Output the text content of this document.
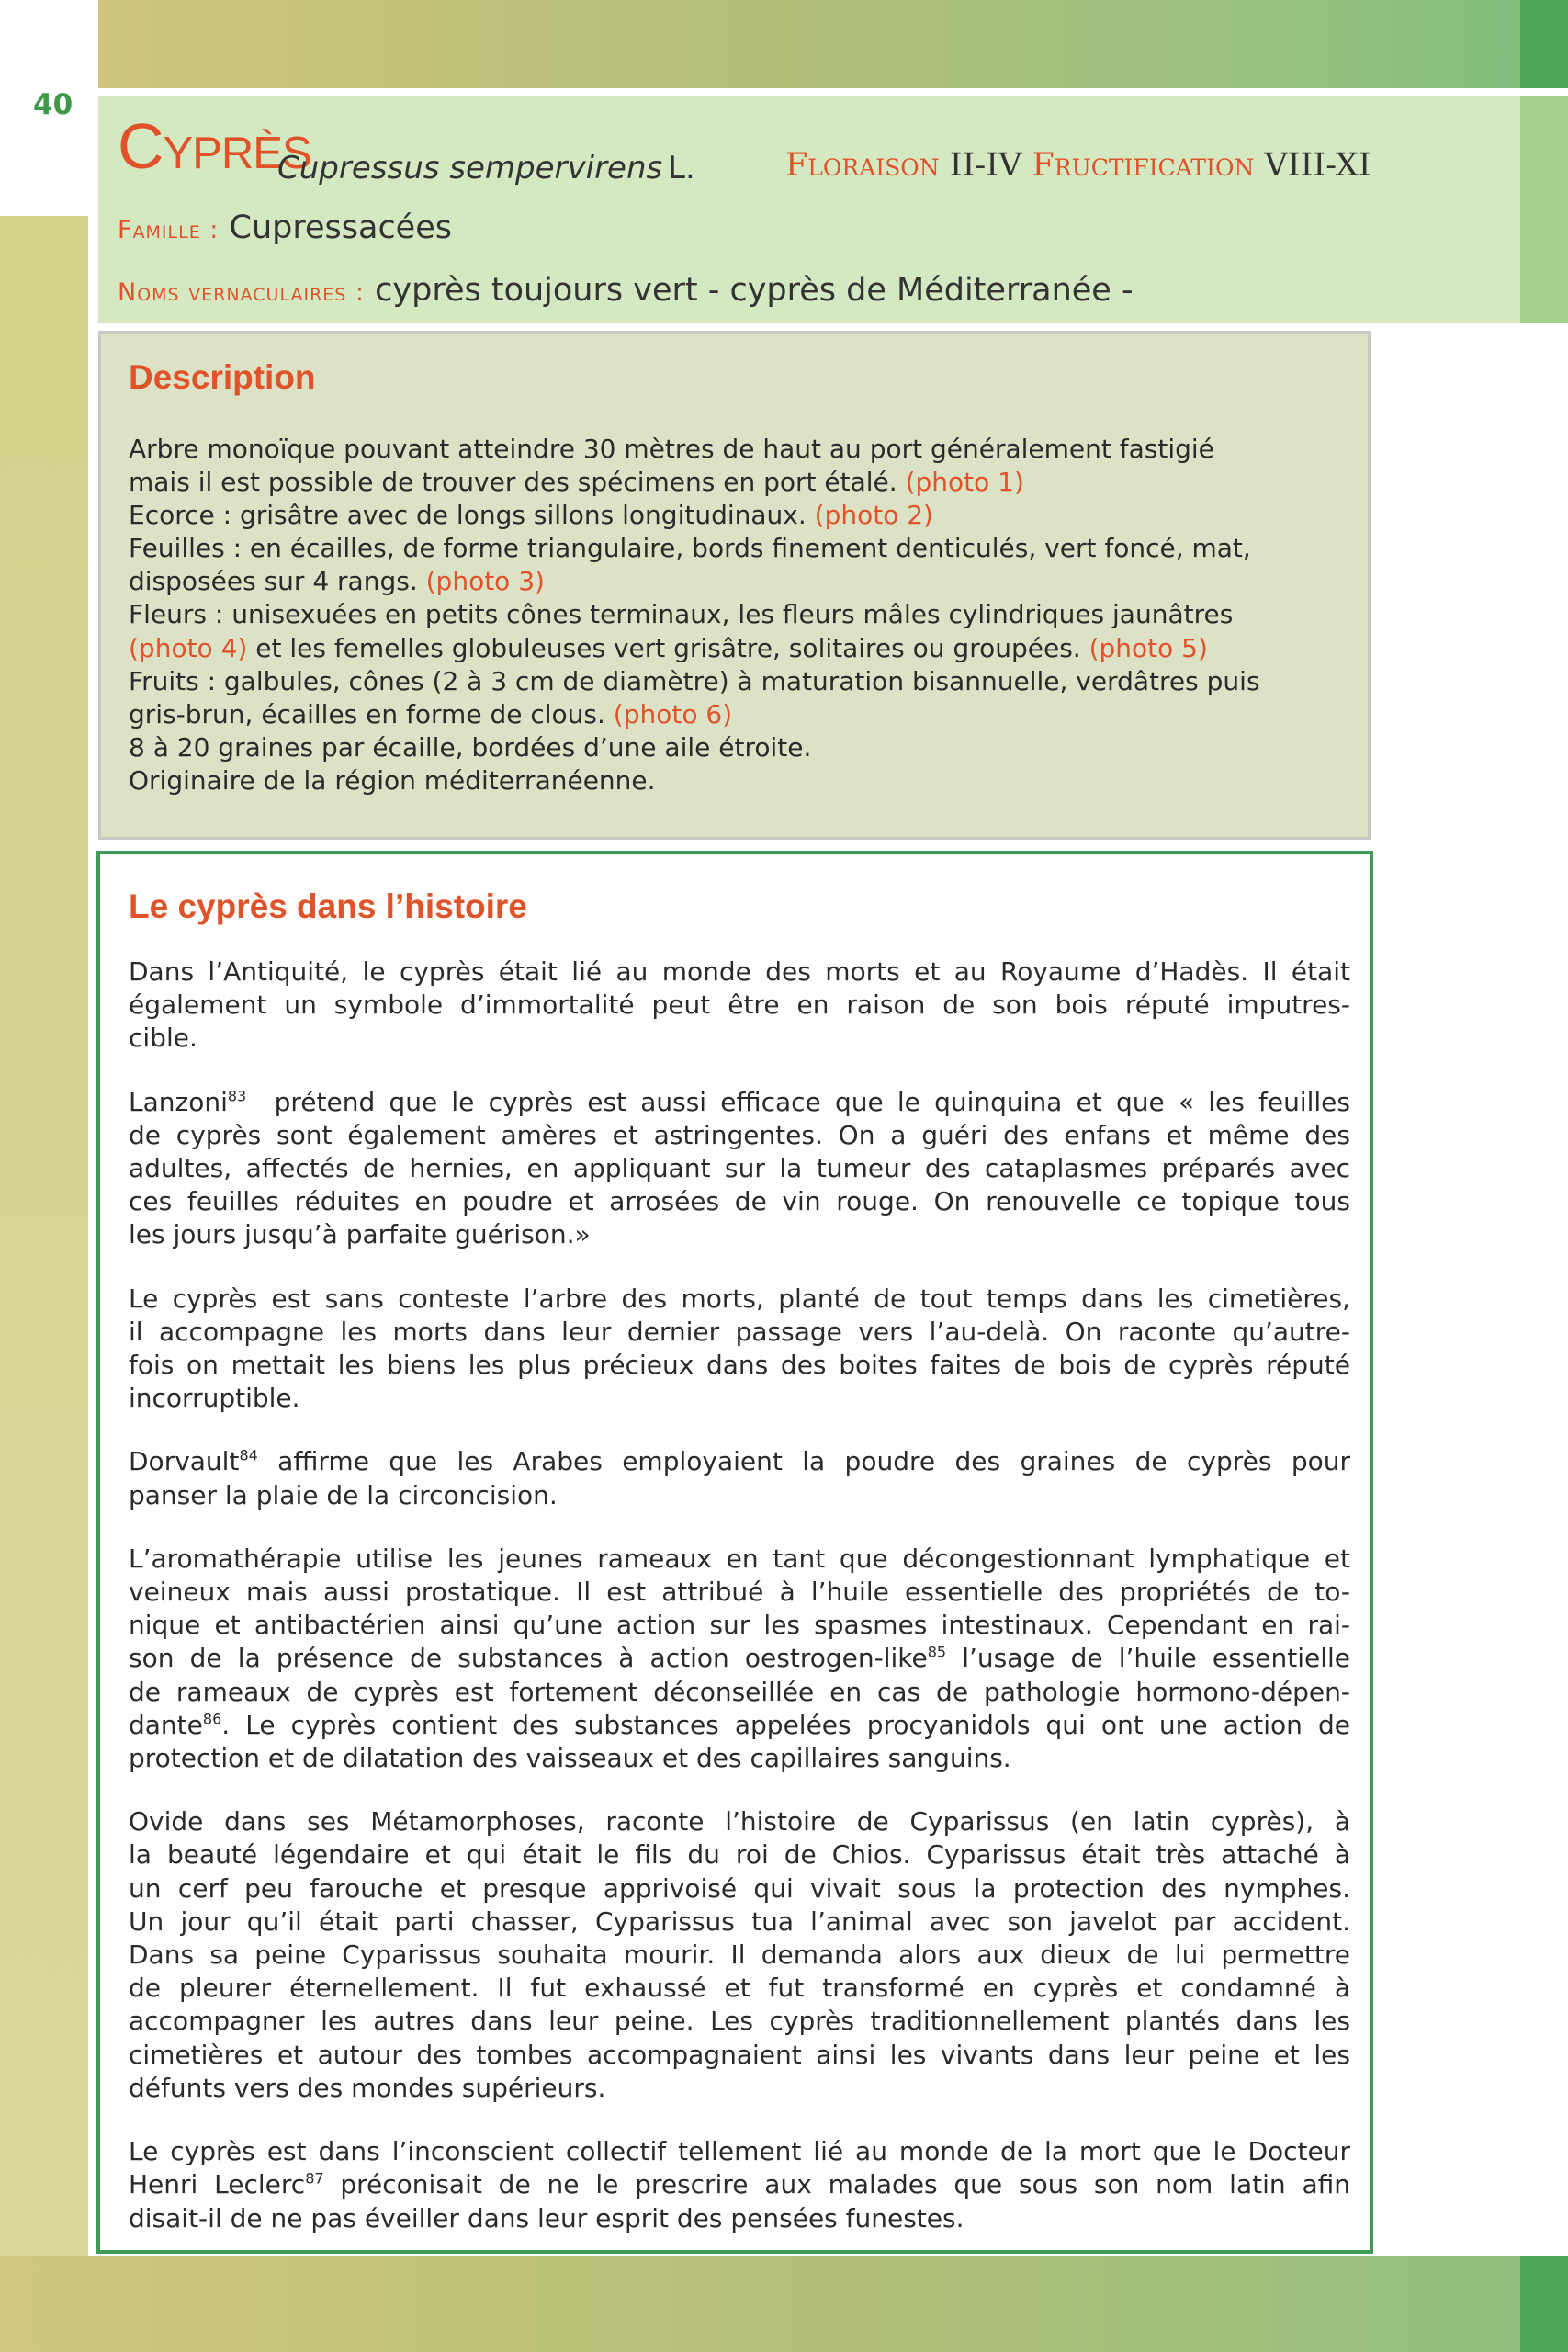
40
Cyprès
Cupressus sempervirens L.	Floraison II-IV Fructification VIII-XI
Famille : Cupressacées
Noms vernaculaires : cyprès toujours vert - cyprès de Méditerranée -
Description
Arbre monoïque pouvant atteindre 30 mètres de haut au port généralement fastigié
mais il est possible de trouver des spécimens en port étalé. (photo 1)
Ecorce : grisâtre avec de longs sillons longitudinaux. (photo 2)
Feuilles : en écailles, de forme triangulaire, bords finement denticulés, vert foncé, mat,
disposées sur 4 rangs. (photo 3)
Fleurs : unisexuées en petits cônes terminaux, les fleurs mâles cylindriques jaunâtres
(photo 4) et les femelles globuleuses vert grisâtre, solitaires ou groupées. (photo 5)
Fruits : galbules, cônes (2 à 3 cm de diamètre) à maturation bisannuelle, verdâtres puis
gris-brun, écailles en forme de clous. (photo 6)
8 à 20 graines par écaille, bordées d’une aile étroite.
Originaire de la région méditerranéenne.
Le cyprès dans l’histoire
Dans l’Antiquité, le cyprès était lié au monde des morts et au Royaume d’Hadès. Il était
également un symbole d’immortalité peut être en raison de son bois réputé imputres-
cible.
Lanzoni$^{83}$  prétend que le cyprès est aussi efficace que le quinquina et que « les feuilles
de cyprès sont également amères et astringentes. On a guéri des enfans et même des
adultes, affectés de hernies, en appliquant sur la tumeur des cataplasmes préparés avec
ces feuilles réduites en poudre et arrosées de vin rouge. On renouvelle ce topique tous
les jours jusqu’à parfaite guérison.»
Le cyprès est sans conteste l’arbre des morts, planté de tout temps dans les cimetières,
il accompagne les morts dans leur dernier passage vers l’au-delà. On raconte qu’autre-
fois on mettait les biens les plus précieux dans des boites faites de bois de cyprès réputé
incorruptible.
Dorvault$^{84}$ affirme que les Arabes employaient la poudre des graines de cyprès pour
panser la plaie de la circoncision.
L’aromathérapie utilise les jeunes rameaux en tant que décongestionnant lymphatique et
veineux mais aussi prostatique. Il est attribué à l’huile essentielle des propriétés de to-
nique et antibactérien ainsi qu’une action sur les spasmes intestinaux. Cependant en rai-
son de la présence de substances à action oestrogen-like$^{85}$ l’usage de l’huile essentielle
de rameaux de cyprès est fortement déconseillée en cas de pathologie hormono-dépen-
dante$^{86}$. Le cyprès contient des substances appelées procyanidols qui ont une action de
protection et de dilatation des vaisseaux et des capillaires sanguins.
Ovide dans ses Métamorphoses, raconte l’histoire de Cyparissus (en latin cyprès), à
la beauté légendaire et qui était le fils du roi de Chios. Cyparissus était très attaché à
un cerf peu farouche et presque apprivoisé qui vivait sous la protection des nymphes.
Un jour qu’il était parti chasser, Cyparissus tua l’animal avec son javelot par accident.
Dans sa peine Cyparissus souhaita mourir. Il demanda alors aux dieux de lui permettre
de pleurer éternellement. Il fut exhaussé et fut transformé en cyprès et condamné à
accompagner les autres dans leur peine. Les cyprès traditionnellement plantés dans les
cimetières et autour des tombes accompagnaient ainsi les vivants dans leur peine et les
défunts vers des mondes supérieurs.
Le cyprès est dans l’inconscient collectif tellement lié au monde de la mort que le Docteur
Henri Leclerc$^{87}$ préconisait de ne le prescrire aux malades que sous son nom latin afin
disait-il de ne pas éveiller dans leur esprit des pensées funestes.
